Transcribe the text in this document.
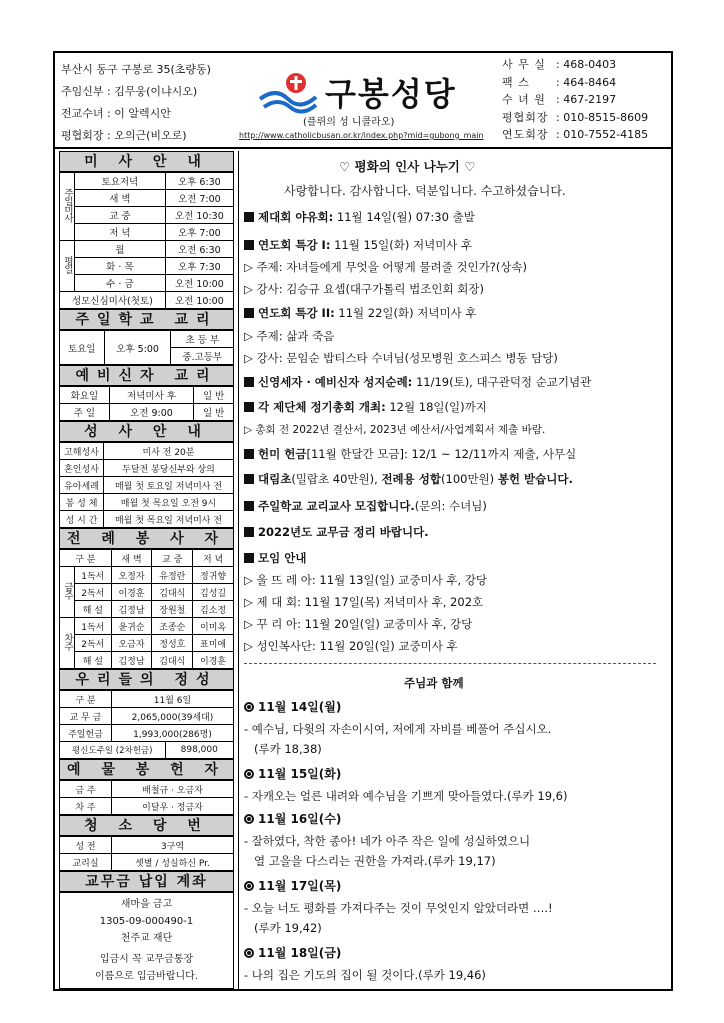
부산시 동구 구봉로 35(초량동)
주임신부 : 김무웅(이냐시오)
전교수녀 : 이 알렉시안
평협회장 : 오의근(비오로)
구봉성당
(플뤼의 성 니콜라오)
http://www.catholicbusan.or.kr/index.php?mid=gubong_main
사 무 실 : 468-0403
팩 스	: 464-8464
수 녀 원 : 467-2197
평협회장 : 010-8515-8609
연도회장 : 010-7552-4185
미 사 안 내
주일미사	토요저녁	오후 6:30
	새 벽	오전 7:00
	교 중	오전 10:30
	저 녁	오후 7:00
평일	월	오전 6:30
	화 · 목	오후 7:30
	수 · 금	오전 10:00
성모신심미사(첫토)		오전 10:00
주일학교 교리
토요일	오후 5:00	초 등 부
중.고등부
예비신자 교리
화요일	저녁미사 후	일 반
주 일	오전 9:00	일 반
성 사 안 내
고해성사	미사 전 20분
혼인성사	두달전 봉당신부와 상의
유아세례	매월 첫 토요일 저녁미사 전
봉 성 체	매월 첫 목요일 오전 9시
성 시 간	매월 첫 목요일 저녁미사 전
전 례 봉 사 자
구 분		새 벽	교 중	저 녁
금주	1독서	오정자	유정란	정귀향
	2독서	이경훈	김대식	김성길
	해 설	김정남	장원철	김소정
차주	1독서	윤귀순	조종순	이미옥
	2독서	오금자	정성호	표미애
	해 설	김정남	김대식	이경훈
우리들의 정성
구 분	11월 6일	
교 무 금	2,065,000(39세대)	
주일헌금	1,993,000(286명)	
평신도주일 (2차헌금)		898,000
예 물 봉 헌 자
금 주	배철규 · 오금자
차 주	이달우 · 정금자
청 소 당 번
성 전	3구역
교리실	셋별 / 성실하신 Pr.
교무금 납입 계좌
새마을 금고
1305-09-000490-1
천주교 재단
입금시 꼭 교무금통장
이름으로 입금바랍니다.
♡ 평화의 인사 나누기 ♡
사랑합니다. 감사합니다. 덕분입니다. 수고하셨습니다.
제대회 야유회: 11월 14일(월) 07:30 출발
연도회 특강 I: 11월 15일(화) 저녁미사 후
▷ 주제: 자녀들에게 무엇을 어떻게 물려줄 것인가?(상속)
▷ 강사: 김승규 요셉(대구가톨릭 법조인회 회장)
연도회 특강 II: 11월 22일(화) 저녁미사 후
▷ 주제: 삶과 죽음
▷ 강사: 문임순 밥티스타 수녀님(성모병원 호스피스 병동 담당)
신영세자 · 예비신자 성지순례: 11/19(토), 대구관덕정 순교기념관
각 제단체 정기총회 개최: 12월 18일(일)까지
▷ 총회 전 2022년 결산서, 2023년 예산서/사업계획서 제출 바람.
헌미 헌금[11월 한달간 모금]: 12/1 ~ 12/11까지 제출, 사무실
대림초(밀랍초 40만원), 전례용 성합(100만원) 봉헌 받습니다.
주일학교 교리교사 모집합니다.(문의: 수녀님)
2022년도 교무금 정리 바랍니다.
모임 안내
▷ 울 뜨 레 아: 11월 13일(일) 교중미사 후, 강당
▷ 제 대 회: 11월 17일(목) 저녁미사 후, 202호
▷ 꾸 리 아: 11월 20일(일) 교중미사 후, 강당
▷ 성인복사단: 11월 20일(일) 교중미사 후
주님과 함께
11월 14일(월)
- 예수님, 다윗의 자손이시여, 저에게 자비를 베풀어 주십시오.
(루카 18,38)
11월 15일(화)
- 자캐오는 얼른 내려와 예수님을 기쁘게 맞아들였다.(루카 19,6)
11월 16일(수)
- 잘하였다, 착한 종아! 네가 아주 작은 일에 성실하였으니
열 고을을 다스리는 권한을 가져라.(루카 19,17)
11월 17일(목)
- 오늘 너도 평화를 가져다주는 것이 무엇인지 알았더라면 ….!
(루카 19,42)
11월 18일(금)
- 나의 집은 기도의 집이 될 것이다.(루카 19,46)
